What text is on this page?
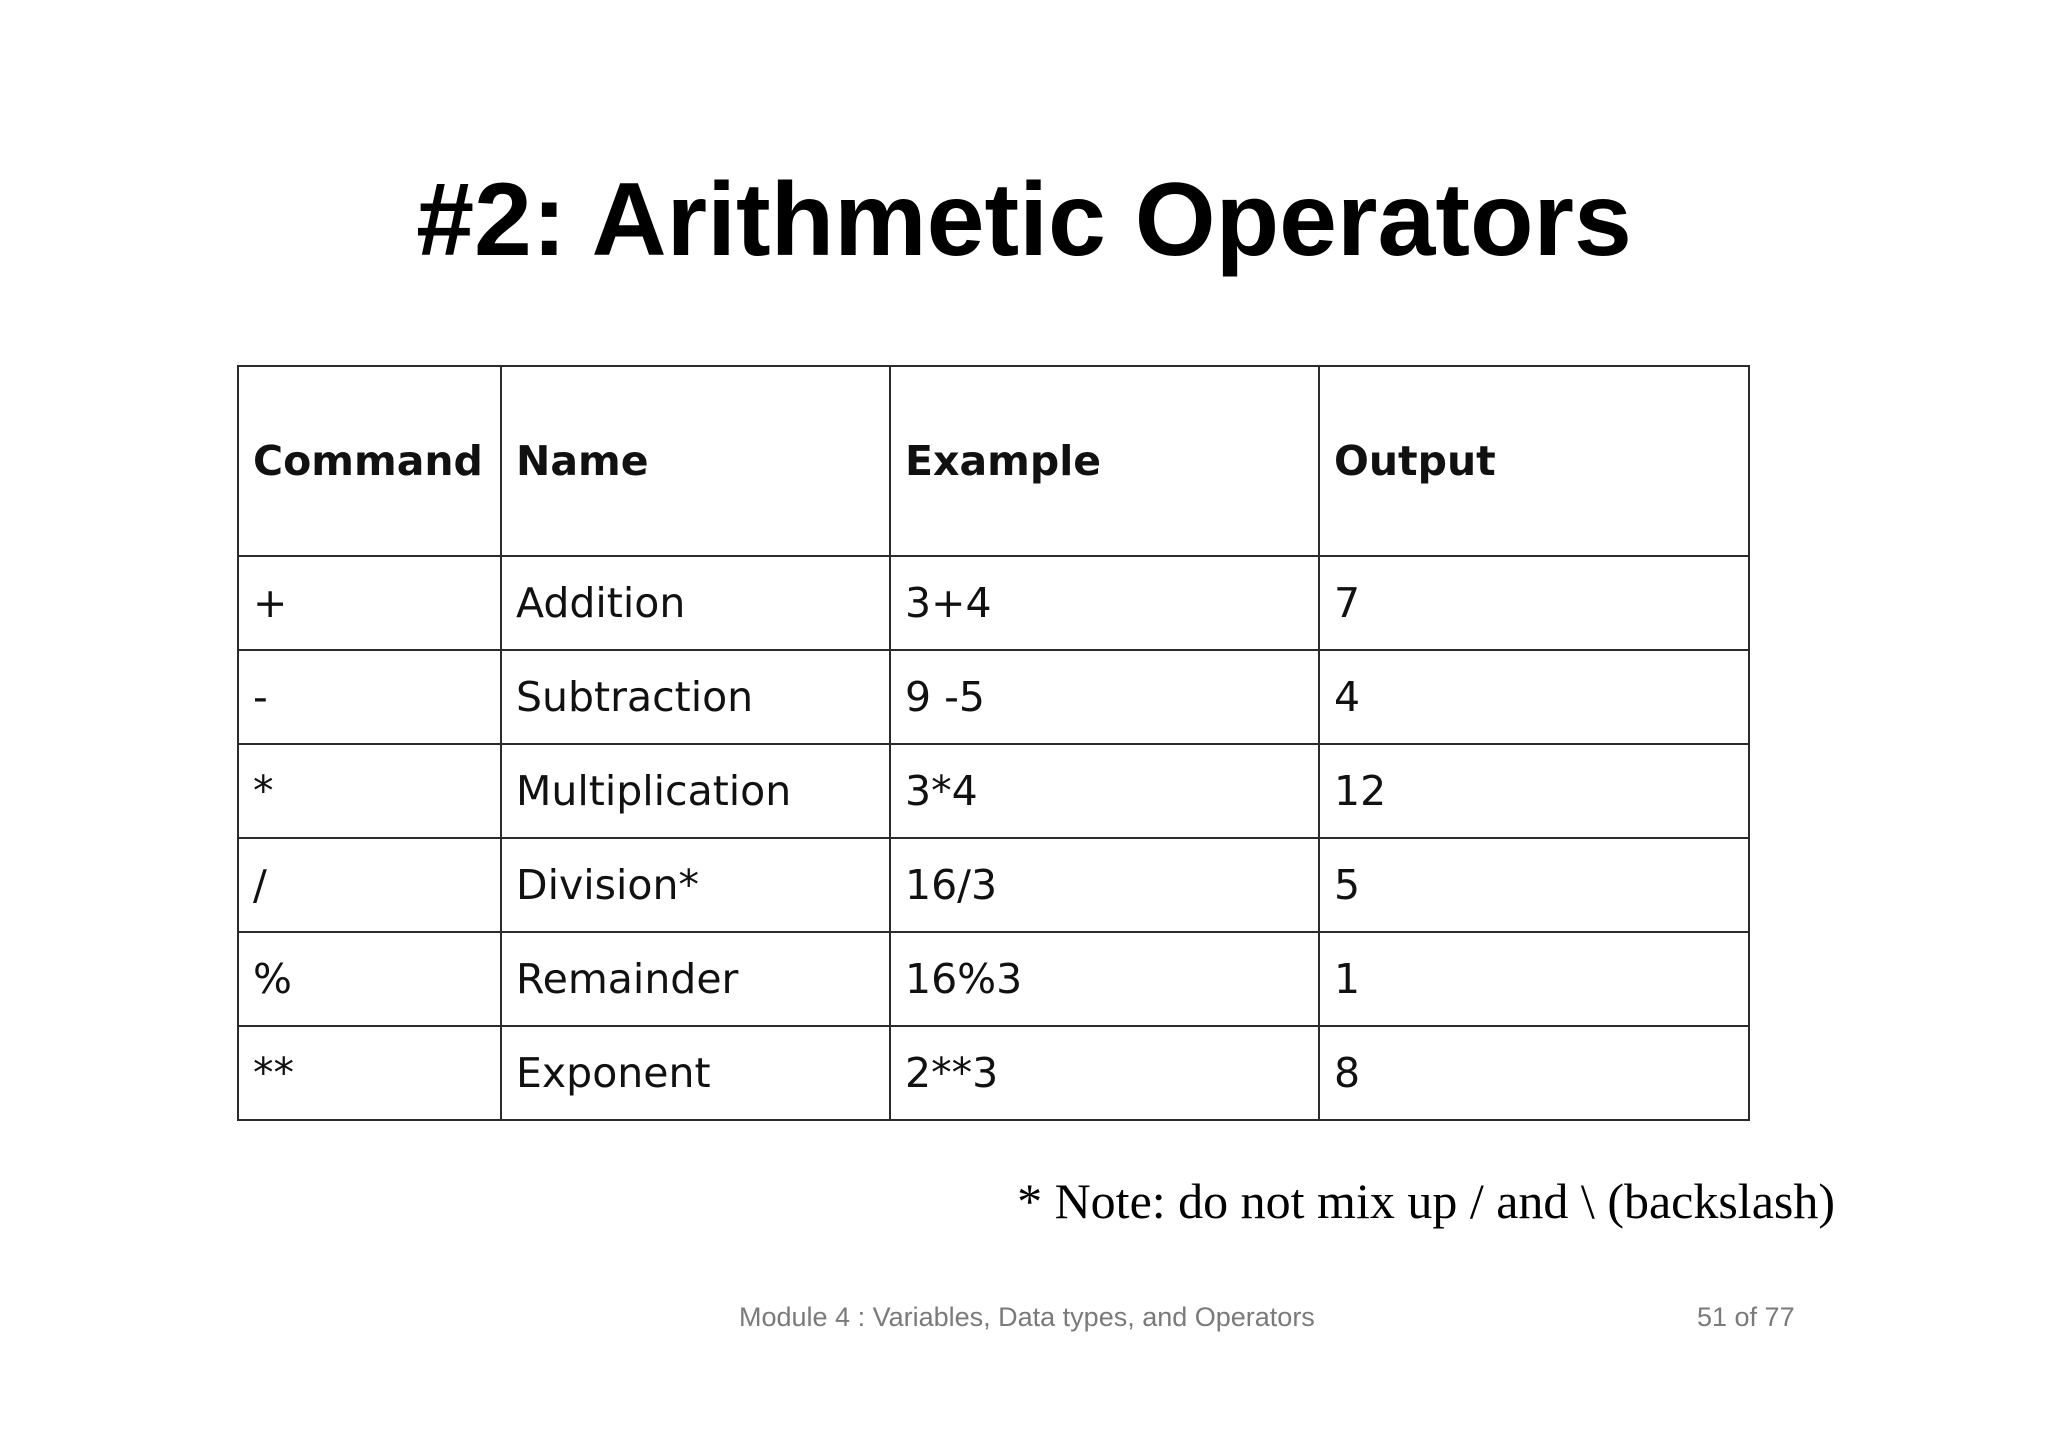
#2: Arithmetic Operators
Command	Name	Example	Output
+	Addition	3+4	7
-	Subtraction	9 -5	4
*	Multiplication	3*4	12
/	Division*	16/3	5
%	Remainder	16%3	1
**	Exponent	2**3	8
* Note: do not mix up / and \ (backslash)
Module 4 : Variables, Data types, and Operators	51 of 77
